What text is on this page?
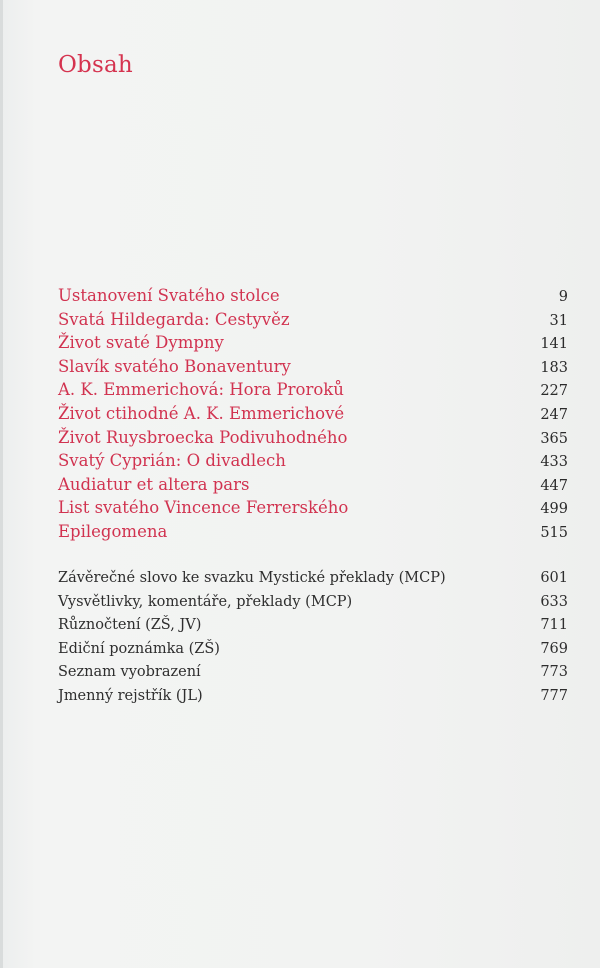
Obsah
Ustanovení Svatého stolce	9
Svatá Hildegarda: Cestyvěz	31
Život svaté Dympny	141
Slavík svatého Bonaventury	183
A. K. Emmerichová: Hora Proroků	227
Život ctihodné A. K. Emmerichové	247
Život Ruysbroecka Podivuhodného	365
Svatý Cyprián: O divadlech	433
Audiatur et altera pars	447
List svatého Vincence Ferrerského	499
Epilegomena	515
Závěrečné slovo ke svazku Mystické překlady (MCP)	601
Vysvětlivky, komentáře, překlady (MCP)	633
Různočtení (ZŠ, JV)	711
Ediční poznámka (ZŠ)	769
Seznam vyobrazení	773
Jmenný rejstřík (JL)	777
